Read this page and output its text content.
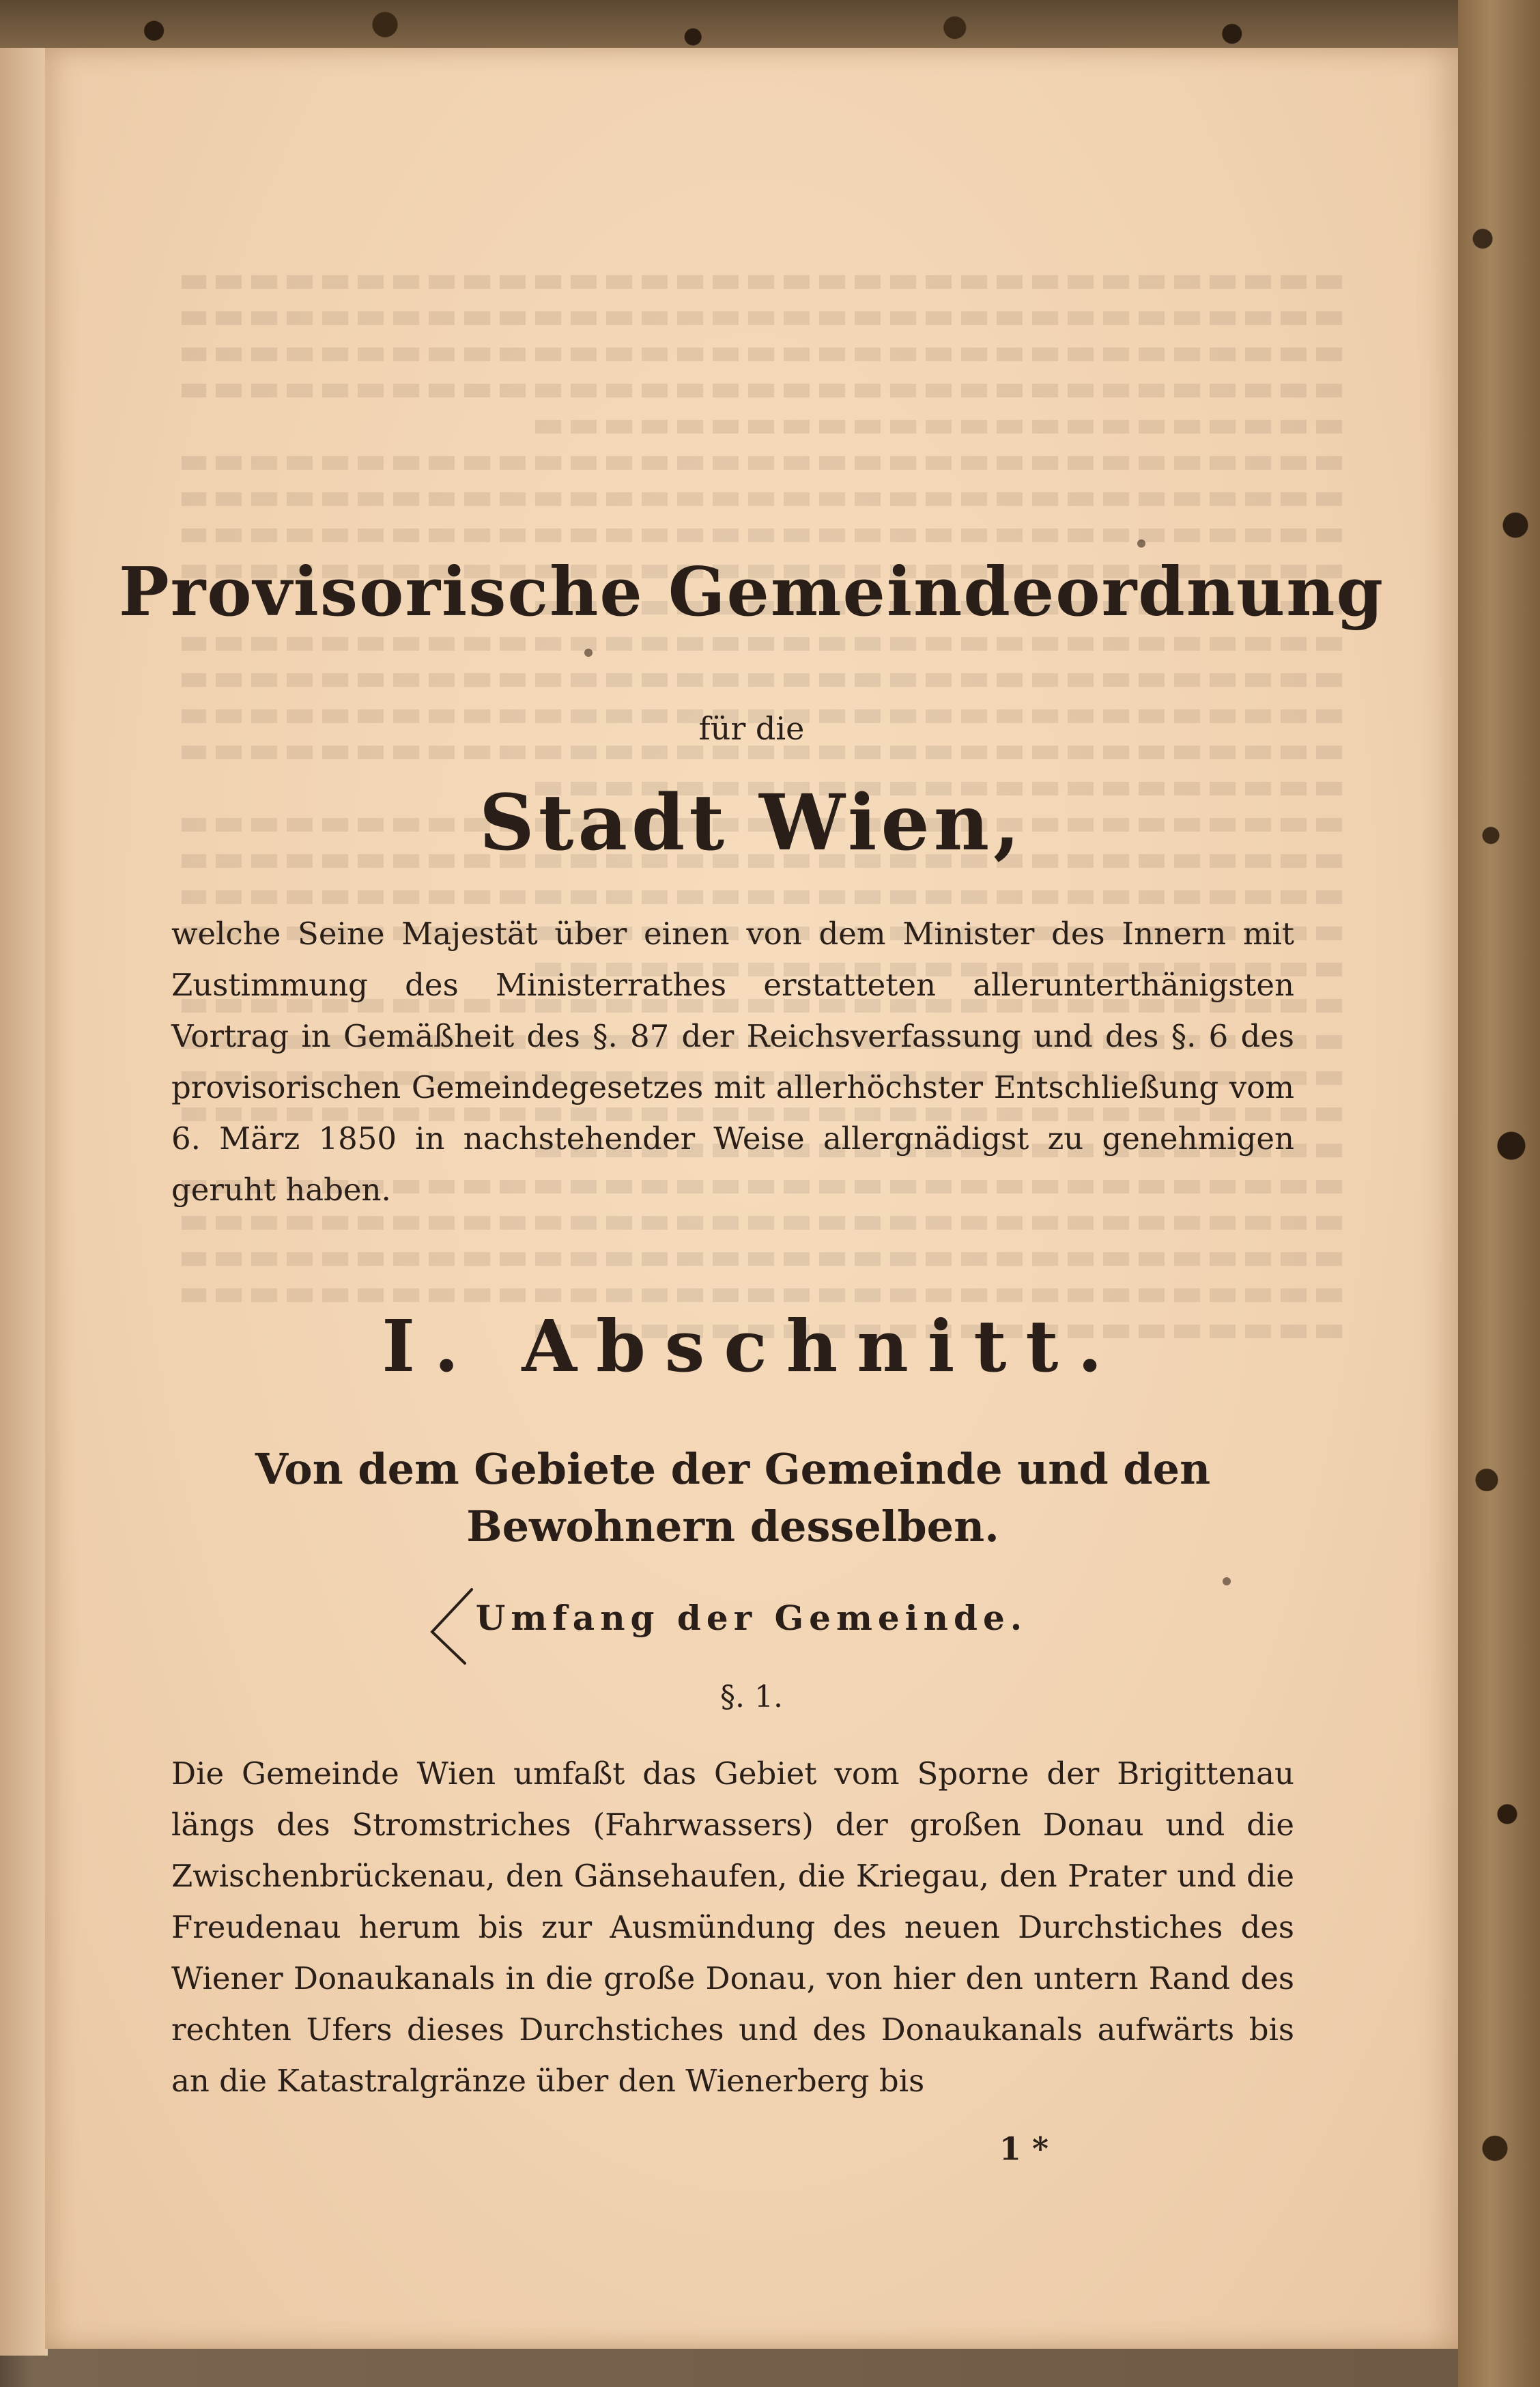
Provisorische Gemeindeordnung
für die
Stadt Wien,
welche Seine Majestät über einen von dem Minister des Innern mit Zustimmung des Ministerrathes erstatteten allerunterthänigsten Vortrag in Gemäßheit des §. 87 der Reichsverfassung und des §. 6 des provisorischen Gemeindegesetzes mit allerhöchster Entschließung vom 6. März 1850 in nachstehender Weise allergnädigst zu genehmigen geruht haben.
I. Abschnitt.
Von dem Gebiete der Gemeinde und den Bewohnern desselben.
Umfang der Gemeinde.
§. 1.
Die Gemeinde Wien umfaßt das Gebiet vom Sporne der Brigittenau längs des Stromstriches (Fahrwassers) der großen Donau und die Zwischenbrückenau, den Gänsehaufen, die Kriegau, den Prater und die Freudenau herum bis zur Ausmündung des neuen Durchstiches des Wiener Donaukanals in die große Donau, von hier den untern Rand des rechten Ufers dieses Durchstiches und des Donaukanals aufwärts bis an die Katastralgränze über den Wienerberg bis
1 *
